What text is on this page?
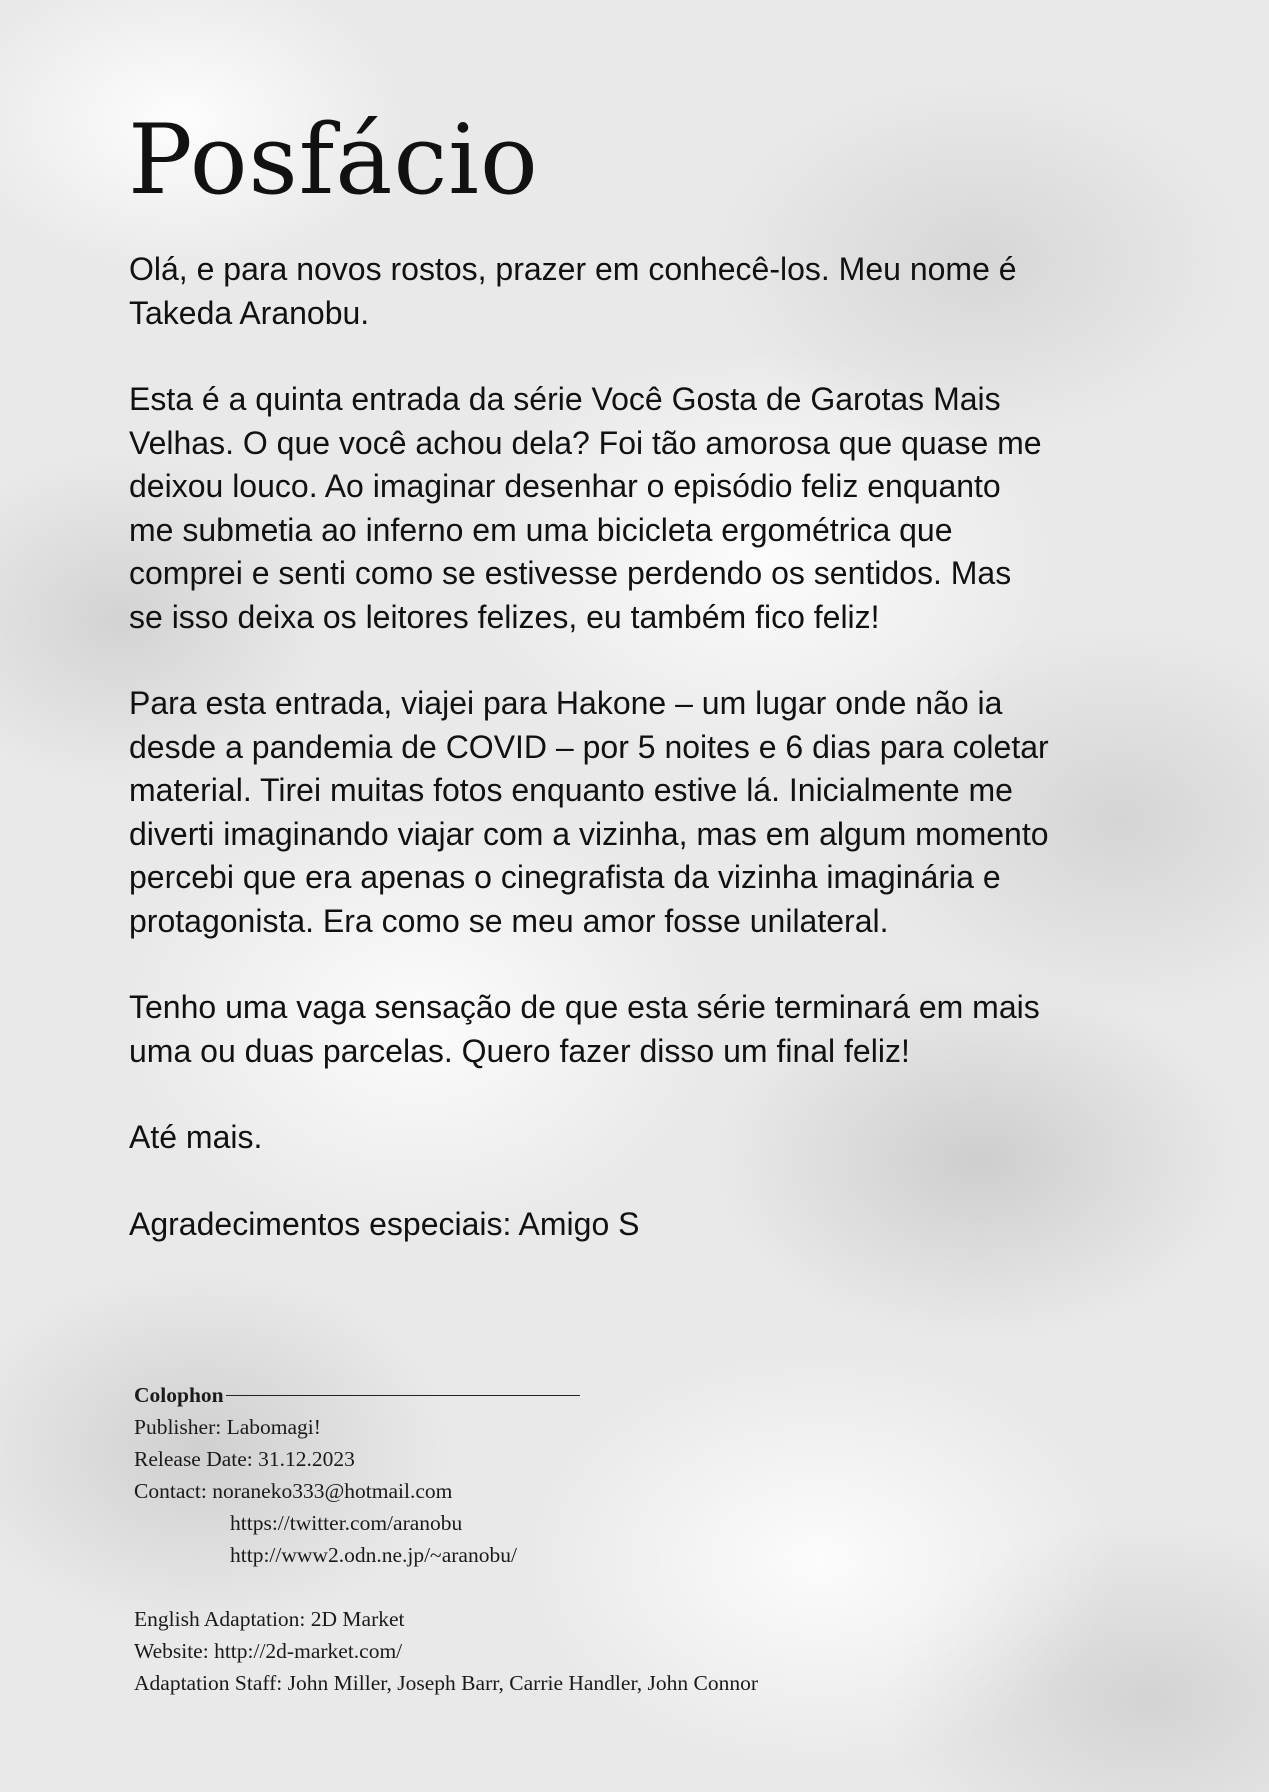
Posfácio

Olá, e para novos rostos, prazer em conhecê-los. Meu nome é
Takeda Aranobu.

Esta é a quinta entrada da série Você Gosta de Garotas Mais
Velhas. O que você achou dela? Foi tão amorosa que quase me
deixou louco. Ao imaginar desenhar o episódio feliz enquanto
me submetia ao inferno em uma bicicleta ergométrica que
comprei e senti como se estivesse perdendo os sentidos. Mas
se isso deixa os leitores felizes, eu também fico feliz!

Para esta entrada, viajei para Hakone – um lugar onde não ia
desde a pandemia de COVID – por 5 noites e 6 dias para coletar
material. Tirei muitas fotos enquanto estive lá. Inicialmente me
diverti imaginando viajar com a vizinha, mas em algum momento
percebi que era apenas o cinegrafista da vizinha imaginária e
protagonista. Era como se meu amor fosse unilateral.

Tenho uma vaga sensação de que esta série terminará em mais
uma ou duas parcelas. Quero fazer disso um final feliz!

Até mais.

Agradecimentos especiais: Amigo S

Colophon
Publisher: Labomagi!
Release Date: 31.12.2023
Contact: noraneko333@hotmail.com
https://twitter.com/aranobu
http://www2.odn.ne.jp/~aranobu/
English Adaptation: 2D Market
Website: http://2d-market.com/
Adaptation Staff: John Miller, Joseph Barr, Carrie Handler, John Connor
